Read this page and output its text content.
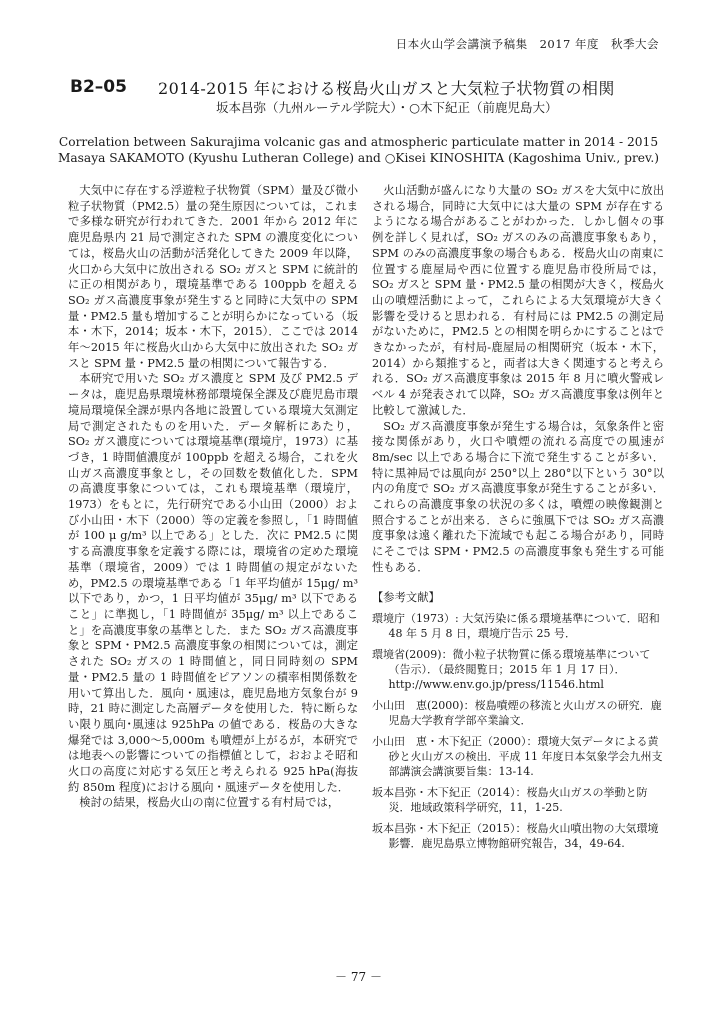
日本火山学会講演予稿集　2017 年度　秋季大会
B2–05 2014-2015 年における桜島火山ガスと大気粒子状物質の相関
坂本昌弥（九州ルーテル学院大）・○木下紀正（前鹿児島大）
Correlation between Sakurajima volcanic gas and atmospheric particulate matter in 2014 - 2015
Masaya SAKAMOTO (Kyushu Lutheran College) and ○Kisei KINOSHITA (Kagoshima Univ., prev.)

大気中に存在する浮遊粒子状物質（SPM）量及び微小粒子状物質（PM2.5）量の発生原因については，これまで多様な研究が行われてきた．2001 年から 2012 年に鹿児島県内 21 局で測定された SPM の濃度変化については，桜島火山の活動が活発化してきた 2009 年以降，火口から大気中に放出される SO₂ ガスと SPM に統計的に正の相関があり，環境基準である 100ppb を超える SO₂ ガス高濃度事象が発生すると同時に大気中の SPM 量・PM2.5 量も増加することが明らかになっている（坂本・木下，2014；坂本・木下，2015）．ここでは 2014 年～2015 年に桜島火山から大気中に放出された SO₂ ガスと SPM 量・PM2.5 量の相関について報告する．

本研究で用いた SO₂ ガス濃度と SPM 及び PM2.5 データは，鹿児島県環境林務部環境保全課及び鹿児島市環境局環境保全課が県内各地に設置している環境大気測定局で測定されたものを用いた．データ解析にあたり，SO₂ ガス濃度については環境基準(環境庁，1973）に基づき，1 時間値濃度が 100ppb を超える場合，これを火山ガス高濃度事象とし，その回数を数値化した．SPM の高濃度事象については，これも環境基準（環境庁，1973）をもとに，先行研究である小山田（2000）および小山田・木下（2000）等の定義を参照し，「1 時間値が 100 μ g/m³ 以上である」とした．次に PM2.5 に関する高濃度事象を定義する際には，環境省の定めた環境基準（環境省，2009）では 1 時間値の規定がないため，PM2.5 の環境基準である「1 年平均値が 15μg/ m³ 以下であり，かつ，1 日平均値が 35μg/ m³ 以下であること」に準拠し，「1 時間値が 35μg/ m³ 以上であること」を高濃度事象の基準とした．また SO₂ ガス高濃度事象と SPM・PM2.5 高濃度事象の相関については，測定された SO₂ ガスの 1 時間値と，同日同時刻の SPM 量・PM2.5 量の 1 時間値をピアソンの積率相関係数を用いて算出した．風向・風速は，鹿児島地方気象台が 9 時，21 時に測定した高層データを使用した．特に断らない限り風向･風速は 925hPa の値である．桜島の大きな爆発では 3,000～5,000m も噴煙が上がるが，本研究では地表への影響についての指標値として，おおよそ昭和火口の高度に対応する気圧と考えられる 925 hPa(海抜約 850m 程度)における風向・風速データを使用した．

検討の結果，桜島火山の南に位置する有村局では，

火山活動が盛んになり大量の SO₂ ガスを大気中に放出される場合，同時に大気中には大量の SPM が存在するようになる場合があることがわかった．しかし個々の事例を詳しく見れば，SO₂ ガスのみの高濃度事象もあり，SPM のみの高濃度事象の場合もある．桜島火山の南東に位置する鹿屋局や西に位置する鹿児島市役所局では，SO₂ ガスと SPM 量・PM2.5 量の相関が大きく，桜島火山の噴煙活動によって，これらによる大気環境が大きく影響を受けると思われる．有村局には PM2.5 の測定局がないために，PM2.5 との相関を明らかにすることはできなかったが，有村局-鹿屋局の相関研究（坂本・木下，2014）から類推すると，両者は大きく関連すると考えられる．SO₂ ガス高濃度事象は 2015 年 8 月に噴火警戒レベル 4 が発表されて以降，SO₂ ガス高濃度事象は例年と比較して激減した．

SO₂ ガス高濃度事象が発生する場合は，気象条件と密接な関係があり，火口や噴煙の流れる高度での風速が 8m/sec 以上である場合に下流で発生することが多い．特に黒神局では風向が 250°以上 280°以下という 30°以内の角度で SO₂ ガス高濃度事象が発生することが多い．これらの高濃度事象の状況の多くは，噴煙の映像観測と照合することが出来る．さらに強風下では SO₂ ガス高濃度事象は遠く離れた下流域でも起こる場合があり，同時にそこでは SPM・PM2.5 の高濃度事象も発生する可能性もある．

【参考文献】
環境庁（1973）: 大気汚染に係る環境基準について．昭和 48 年 5 月 8 日，環境庁告示 25 号．
環境省(2009)：微小粒子状物質に係る環境基準について（告示）．（最終閲覧日；2015 年 1 月 17 日）．http://www.env.go.jp/press/11546.html
小山田　恵(2000)：桜島噴煙の移流と火山ガスの研究．鹿児島大学教育学部卒業論文．
小山田　恵・木下紀正（2000）：環境大気データによる黄砂と火山ガスの検出．平成 11 年度日本気象学会九州支部講演会講演要旨集：13-14.
坂本昌弥・木下紀正（2014）：桜島火山ガスの挙動と防災．地域政策科学研究，11，1-25.
坂本昌弥・木下紀正（2015）：桜島火山噴出物の大気環境影響．鹿児島県立博物館研究報告，34，49-64.
－ 77 －
